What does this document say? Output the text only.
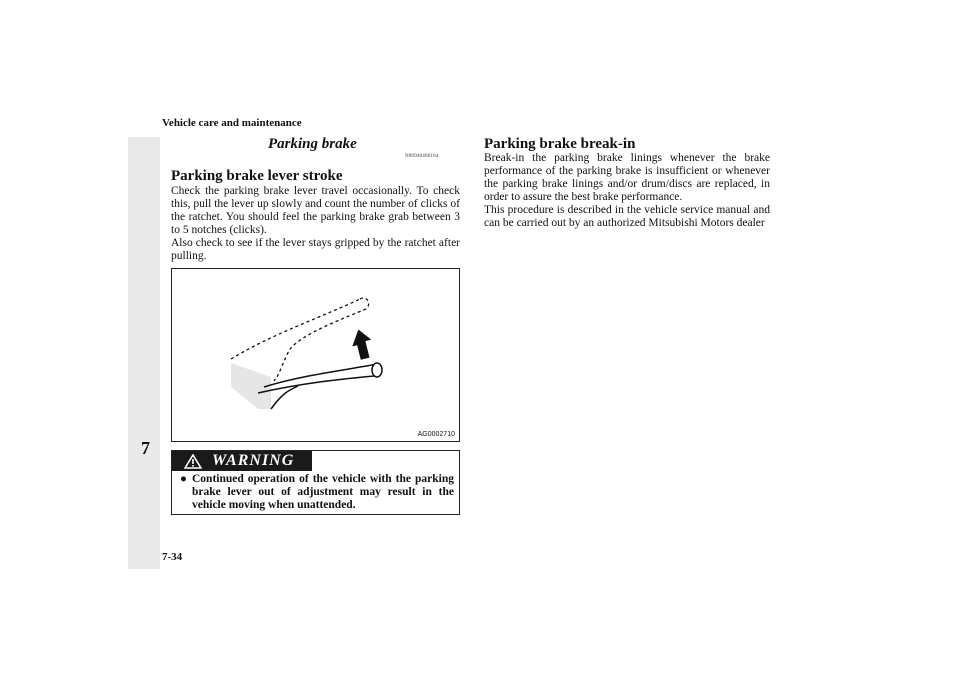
Vehicle care and maintenance
7
Parking brake
N00940400164
Parking brake lever stroke

Check the parking brake lever travel occasionally. To check this, pull the lever up slowly and count the number of clicks of the ratchet. You should feel the parking brake grab between 3 to 5 notches (clicks).

Also check to see if the lever stays gripped by the ratchet after pulling.

AG0002710
WARNING
● Continued operation of the vehicle with the parking brake lever out of adjustment may result in the vehicle moving when unattended.
Parking brake break-in

Break-in the parking brake linings whenever the brake performance of the parking brake is insufficient or whenever the parking brake linings and/or drum/discs are replaced, in order to assure the best brake performance.

This procedure is described in the vehicle service manual and can be carried out by an authorized Mitsubishi Motors dealer

7-34
